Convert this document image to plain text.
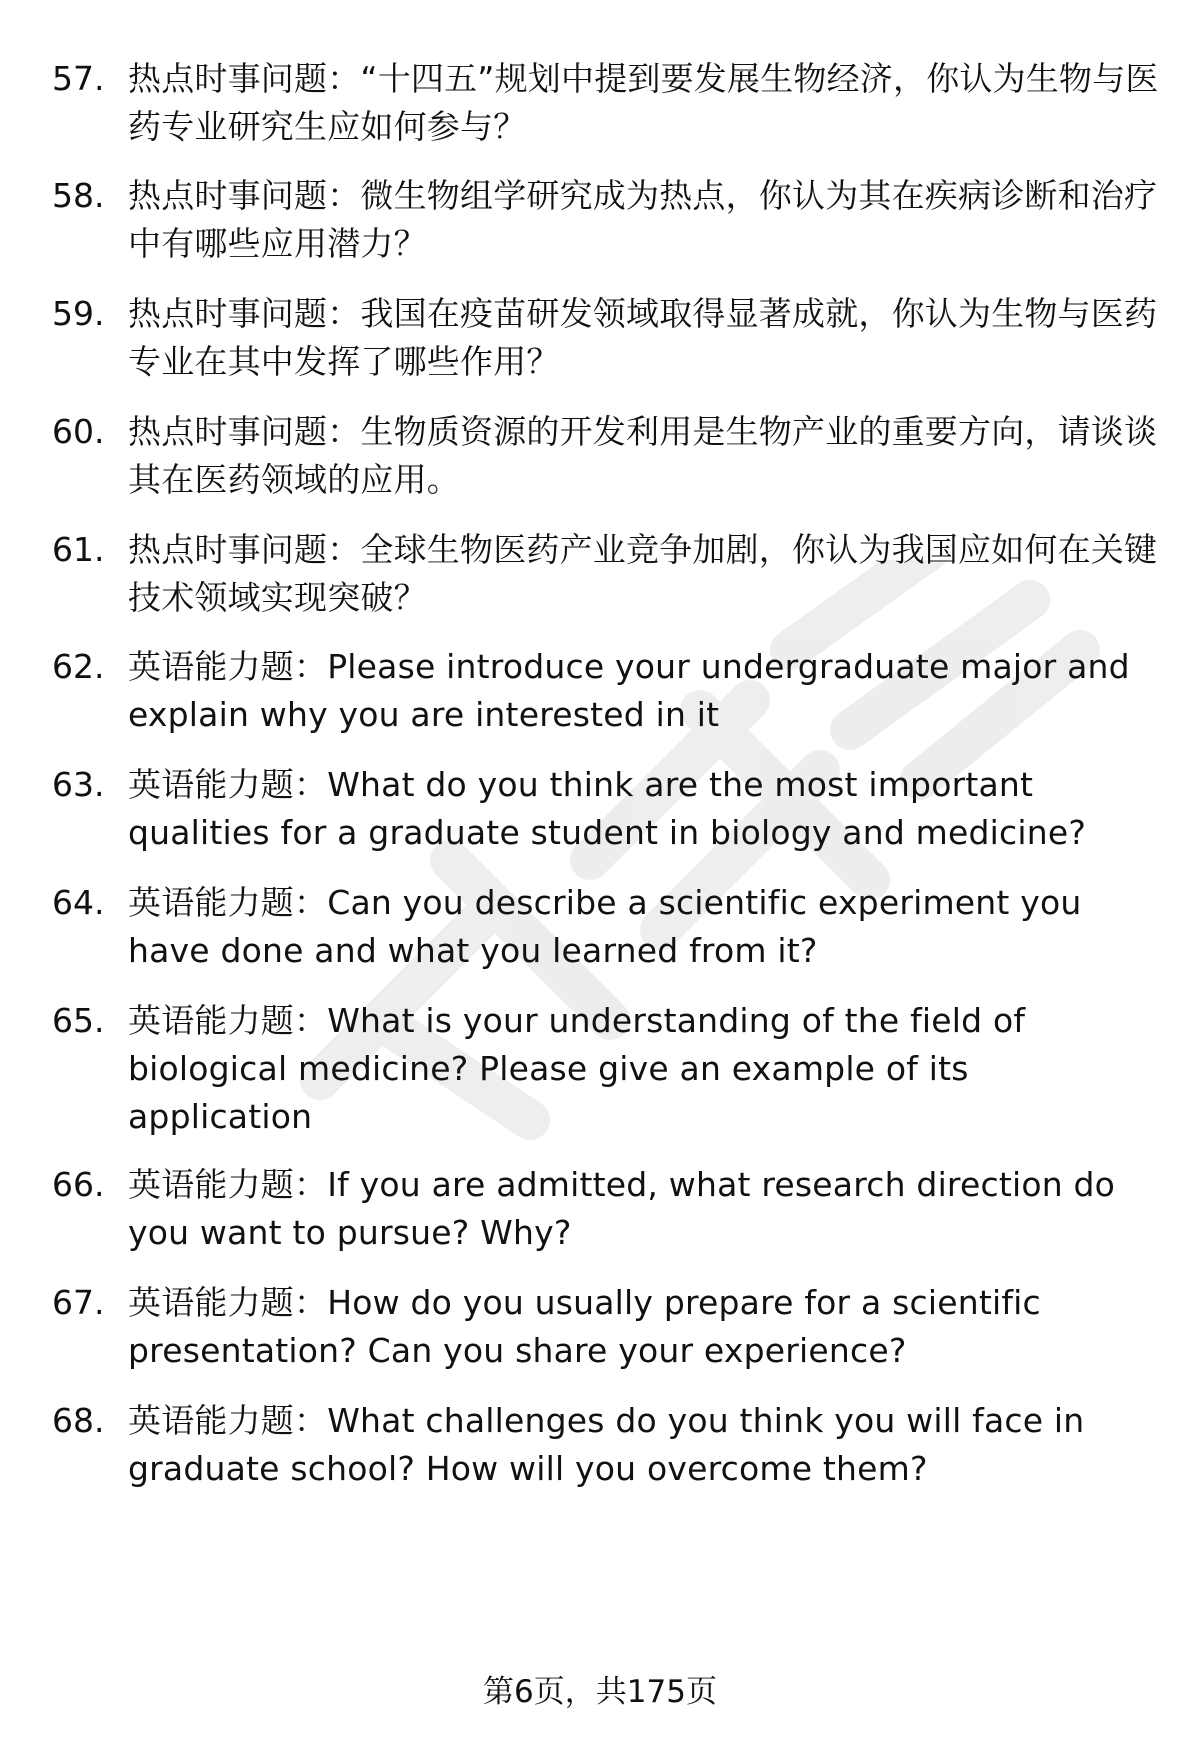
57. 热点时事问题：“十四五”规划中提到要发展生物经济，你认为生物与医药专业研究生应如何参与？
58. 热点时事问题：微生物组学研究成为热点，你认为其在疾病诊断和治疗中有哪些应用潜力？
59. 热点时事问题：我国在疫苗研发领域取得显著成就，你认为生物与医药专业在其中发挥了哪些作用？
60. 热点时事问题：生物质资源的开发利用是生物产业的重要方向，请谈谈其在医药领域的应用。
61. 热点时事问题：全球生物医药产业竞争加剧，你认为我国应如何在关键技术领域实现突破？
62. 英语能力题：Please introduce your undergraduate major and explain why you are interested in it
63. 英语能力题：What do you think are the most important qualities for a graduate student in biology and medicine?
64. 英语能力题：Can you describe a scientific experiment you have done and what you learned from it?
65. 英语能力题：What is your understanding of the field of biological medicine? Please give an example of its application
66. 英语能力题：If you are admitted, what research direction do you want to pursue? Why?
67. 英语能力题：How do you usually prepare for a scientific presentation? Can you share your experience?
68. 英语能力题：What challenges do you think you will face in graduate school? How will you overcome them?
第6页，共175页
